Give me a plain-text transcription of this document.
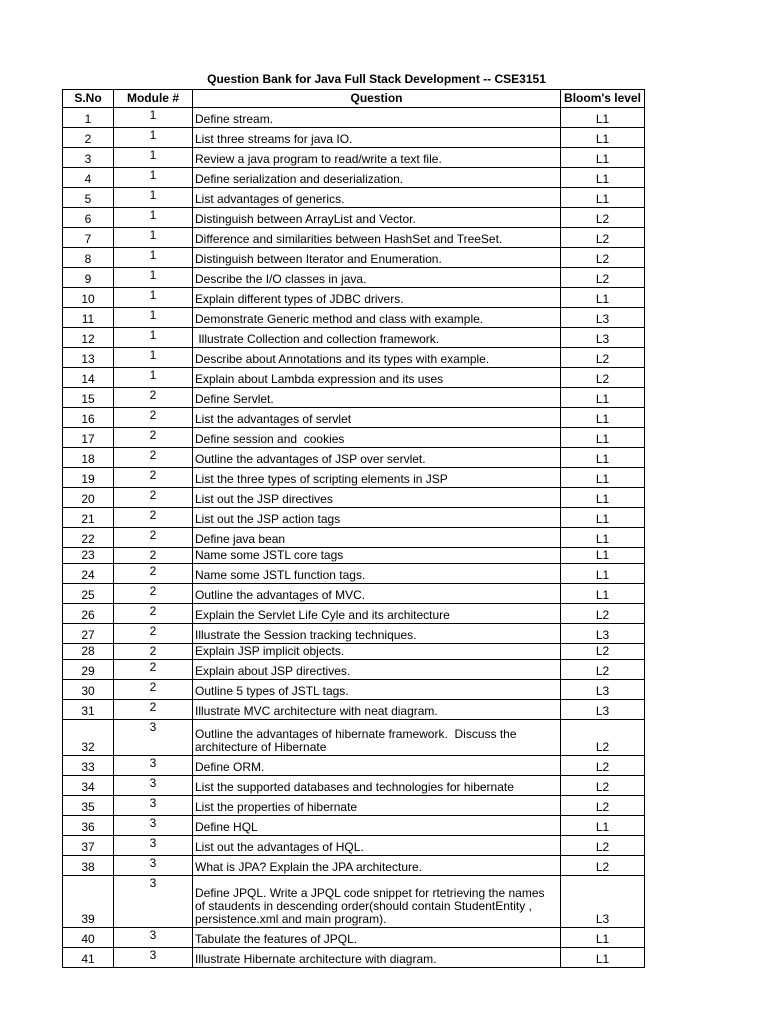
Question Bank for Java Full Stack Development -- CSE3151
S.No	Module #	Question	Bloom's level
1	1	Define stream.	L1
2	1	List three streams for java IO.	L1
3	1	Review a java program to read/write a text file.	L1
4	1	Define serialization and deserialization.	L1
5	1	List advantages of generics.	L1
6	1	Distinguish between ArrayList and Vector.	L2
7	1	Difference and similarities between HashSet and TreeSet.	L2
8	1	Distinguish between Iterator and Enumeration.	L2
9	1	Describe the I/O classes in java.	L2
10	1	Explain different types of JDBC drivers.	L1
11	1	Demonstrate Generic method and class with example.	L3
12	1	Illustrate Collection and collection framework.	L3
13	1	Describe about Annotations and its types with example.	L2
14	1	Explain about Lambda expression and its uses	L2
15	2	Define Servlet.	L1
16	2	List the advantages of servlet	L1
17	2	Define session and  cookies	L1
18	2	Outline the advantages of JSP over servlet.	L1
19	2	List the three types of scripting elements in JSP	L1
20	2	List out the JSP directives	L1
21	2	List out the JSP action tags	L1
22	2	Define java bean	L1
23	2	Name some JSTL core tags	L1
24	2	Name some JSTL function tags.	L1
25	2	Outline the advantages of MVC.	L1
26	2	Explain the Servlet Life Cyle and its architecture	L2
27	2	Illustrate the Session tracking techniques.	L3
28	2	Explain JSP implicit objects.	L2
29	2	Explain about JSP directives.	L2
30	2	Outline 5 types of JSTL tags.	L3
31	2	Illustrate MVC architecture with neat diagram.	L3
32	3	Outline the advantages of hibernate framework.  Discuss the
architecture of Hibernate	L2
33	3	Define ORM.	L2
34	3	List the supported databases and technologies for hibernate	L2
35	3	List the properties of hibernate	L2
36	3	Define HQL	L1
37	3	List out the advantages of HQL.	L2
38	3	What is JPA? Explain the JPA architecture.	L2
39	3	Define JPQL. Write a JPQL code snippet for rtetrieving the names
of staudents in descending order(should contain StudentEntity ,
persistence.xml and main program).	L3
40	3	Tabulate the features of JPQL.	L1
41	3	Illustrate Hibernate architecture with diagram.	L1
